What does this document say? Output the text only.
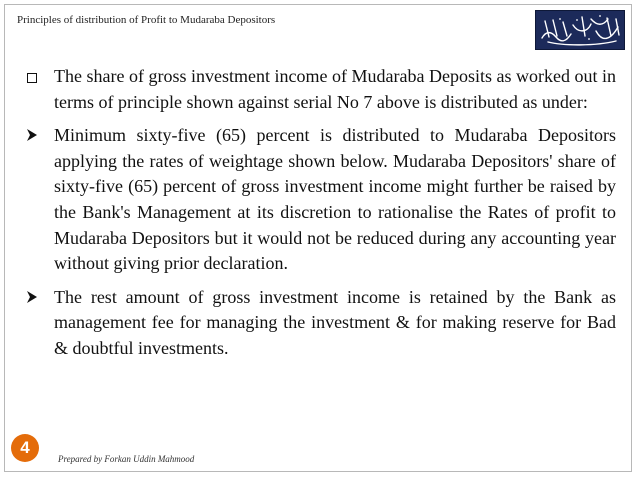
Principles of distribution of Profit to Mudaraba Depositors
The share of gross investment income of Mudaraba Deposits as worked out in terms of principle shown against serial No 7 above is distributed as under:
Minimum sixty-five (65) percent is distributed to Mudaraba Depositors applying the rates of weightage shown below. Mudaraba Depositors' share of sixty-five (65) percent of gross investment income might further be raised by the Bank's Management at its discretion to rationalise the Rates of profit to Mudaraba Depositors but it would not be reduced during any accounting year without giving prior declaration.
The rest amount of gross investment income is retained by the Bank as management fee for managing the investment & for making reserve for Bad & doubtful investments.
4
Prepared by Forkan Uddin Mahmood
